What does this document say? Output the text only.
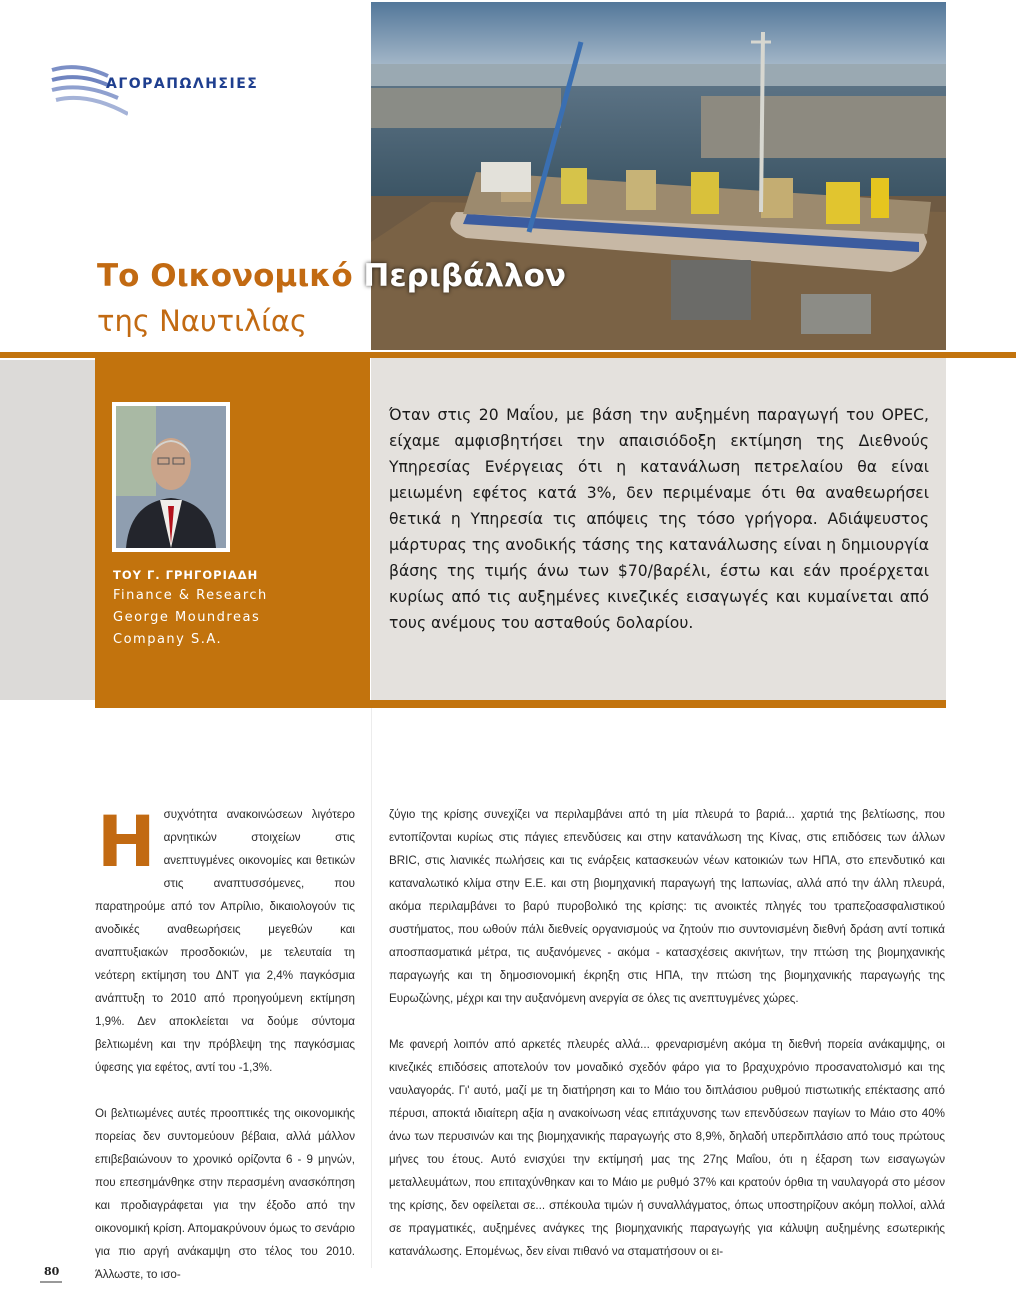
ΑΓΟΡΑΠΩΛΗΣΙΕΣ
Το Οικονομικό Περιβάλλον
της Ναυτιλίας
ΤΟΥ Γ. ΓΡΗΓΟΡΙΑΔΗ
Finance & Research
George Moundreas
Company S.A.
Όταν στις 20 Μαΐου, με βάση την αυξημένη παραγωγή του OPEC, είχαμε αμφισβητήσει την απαισιόδοξη εκτίμηση της Διεθνούς Υπηρεσίας Ενέργειας ότι η κατανάλωση πετρελαίου θα είναι μειωμένη εφέτος κατά 3%, δεν περιμέναμε ότι θα αναθεωρήσει θετικά η Υπηρεσία τις απόψεις της τόσο γρήγορα. Αδιάψευστος μάρτυρας της ανοδικής τάσης της κατανάλωσης είναι η δημιουργία βάσης της τιμής άνω των $70/βαρέλι, έστω και εάν προέρχεται κυρίως από τις αυξημένες κινεζικές εισαγωγές και κυμαίνεται από τους ανέμους του ασταθούς δολαρίου.

Ησυχνότητα ανακοινώσεων λιγότερο αρνητικών στοιχείων στις ανεπτυγμένες οικονομίες και θετικών στις αναπτυσσόμενες, που παρατηρούμε από τον Απρίλιο, δικαιολογούν τις ανοδικές αναθεωρήσεις μεγεθών και αναπτυξιακών προσδοκιών, με τελευταία τη νεότερη εκτίμηση του ΔΝΤ για 2,4% παγκόσμια ανάπτυξη το 2010 από προηγούμενη εκτίμηση 1,9%. Δεν αποκλείεται να δούμε σύντομα βελτιωμένη και την πρόβλεψη της παγκόσμιας ύφεσης για εφέτος, αντί του -1,3%.

Οι βελτιωμένες αυτές προοπτικές της οικονομικής πορείας δεν συντομεύουν βέβαια, αλλά μάλλον επιβεβαιώνουν το χρονικό ορίζοντα 6 - 9 μηνών, που επεσημάνθηκε στην περασμένη ανασκόπηση και προδιαγράφεται για την έξοδο από την οικονομική κρίση. Απομακρύνουν όμως το σενάριο για πιο αργή ανάκαμψη στο τέλος του 2010. Άλλωστε, το ισο-

ζύγιο της κρίσης συνεχίζει να περιλαμβάνει από τη μία πλευρά το βαριά... χαρτιά της βελτίωσης, που εντοπίζονται κυρίως στις πάγιες επενδύσεις και στην κατανάλωση της Κίνας, στις επιδόσεις των άλλων BRIC, στις λιανικές πωλήσεις και τις ενάρξεις κατασκευών νέων κατοικιών των ΗΠΑ, στο επενδυτικό και καταναλωτικό κλίμα στην Ε.Ε. και στη βιομηχανική παραγωγή της Ιαπωνίας, αλλά από την άλλη πλευρά, ακόμα περιλαμβάνει το βαρύ πυροβολικό της κρίσης: τις ανοικτές πληγές του τραπεζοασφαλιστικού συστήματος, που ωθούν πάλι διεθνείς οργανισμούς να ζητούν πιο συντονισμένη διεθνή δράση αντί τοπικά αποσπασματικά μέτρα, τις αυξανόμενες - ακόμα - κατασχέσεις ακινήτων, την πτώση της βιομηχανικής παραγωγής και τη δημοσιονομική έκρηξη στις ΗΠΑ, την πτώση της βιομηχανικής παραγωγής της Ευρωζώνης, μέχρι και την αυξανόμενη ανεργία σε όλες τις ανεπτυγμένες χώρες.

Με φανερή λοιπόν από αρκετές πλευρές αλλά... φρεναρισμένη ακόμα τη διεθνή πορεία ανάκαμψης, οι κινεζικές επιδόσεις αποτελούν τον μοναδικό σχεδόν φάρο για το βραχυχρόνιο προσανατολισμό και της ναυλαγοράς. Γι' αυτό, μαζί με τη διατήρηση και το Μάιο του διπλάσιου ρυθμού πιστωτικής επέκτασης από πέρυσι, αποκτά ιδιαίτερη αξία η ανακοίνωση νέας επιτάχυνσης των επενδύσεων παγίων το Μάιο στο 40% άνω των περυσινών και της βιομηχανικής παραγωγής στο 8,9%, δηλαδή υπερδιπλάσιο από τους πρώτους μήνες του έτους. Αυτό ενισχύει την εκτίμησή μας της 27ης Μαΐου, ότι η έξαρση των εισαγωγών μεταλλευμάτων, που επιταχύνθηκαν και το Μάιο με ρυθμό 37% και κρατούν όρθια τη ναυλαγορά στο μέσον της κρίσης, δεν οφείλεται σε... σπέκουλα τιμών ή συναλλάγματος, όπως υποστηρίζουν ακόμη πολλοί, αλλά σε πραγματικές, αυξημένες ανάγκες της βιομηχανικής παραγωγής για κάλυψη αυξημένης εσωτερικής κατανάλωσης. Επομένως, δεν είναι πιθανό να σταματήσουν οι ει-

80
